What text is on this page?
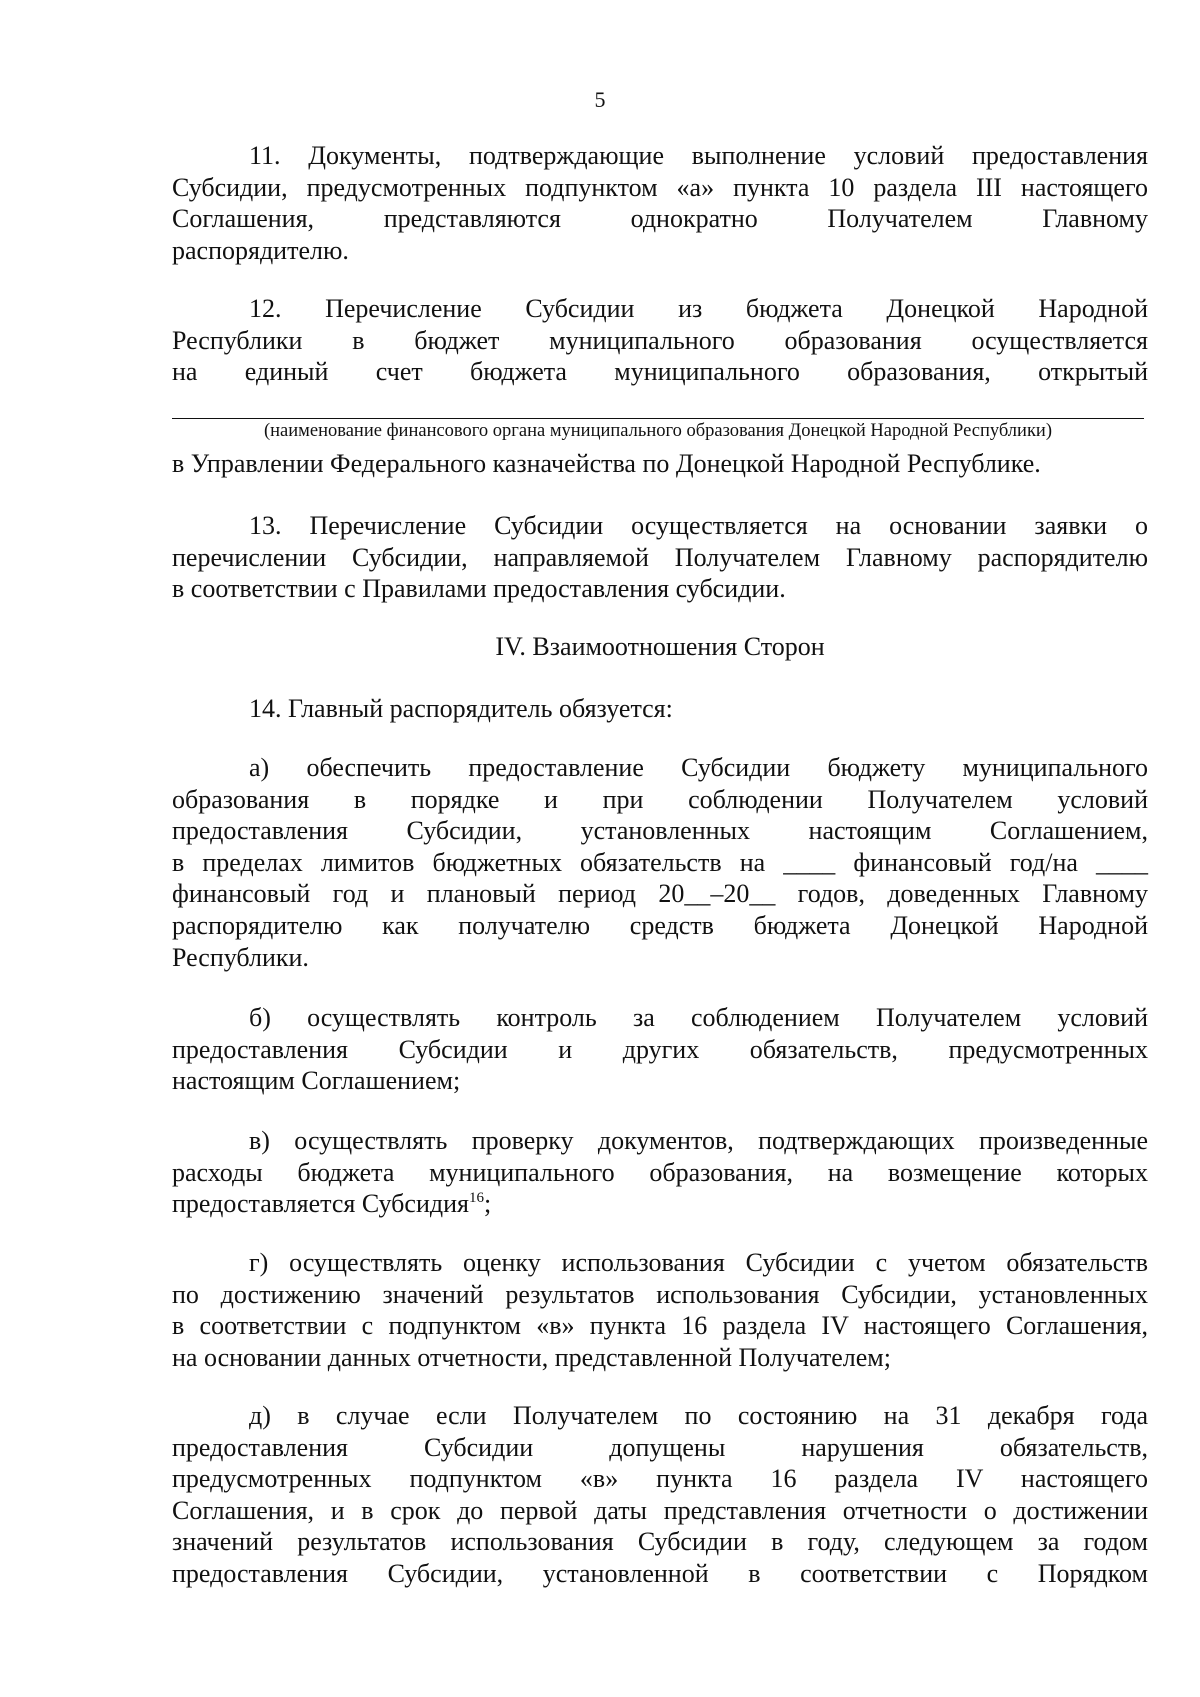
5
11. Документы, подтверждающие выполнение условий предоставления
Субсидии, предусмотренных подпунктом «а» пункта 10 раздела III настоящего
Соглашения, представляются однократно Получателем Главному
распорядителю.
12. Перечисление Субсидии из бюджета Донецкой Народной
Республики в бюджет муниципального образования осуществляется
на единый счет бюджета муниципального образования, открытый
(наименование финансового органа муниципального образования Донецкой Народной Республики)
в Управлении Федерального казначейства по Донецкой Народной Республике.
13. Перечисление Субсидии осуществляется на основании заявки о
перечислении Субсидии, направляемой Получателем Главному распорядителю
в соответствии с Правилами предоставления субсидии.
IV. Взаимоотношения Сторон
14. Главный распорядитель обязуется:
а) обеспечить предоставление Субсидии бюджету муниципального
образования в порядке и при соблюдении Получателем условий
предоставления Субсидии, установленных настоящим Соглашением,
в пределах лимитов бюджетных обязательств на ____ финансовый год/на ____
финансовый год и плановый период 20__–20__ годов, доведенных Главному
распорядителю как получателю средств бюджета Донецкой Народной
Республики.
б) осуществлять контроль за соблюдением Получателем условий
предоставления Субсидии и других обязательств, предусмотренных
настоящим Соглашением;
в) осуществлять проверку документов, подтверждающих произведенные
расходы бюджета муниципального образования, на возмещение которых
предоставляется Субсидия$^{16}$;
г) осуществлять оценку использования Субсидии с учетом обязательств
по достижению значений результатов использования Субсидии, установленных
в соответствии с подпунктом «в» пункта 16 раздела IV настоящего Соглашения,
на основании данных отчетности, представленной Получателем;
д) в случае если Получателем по состоянию на 31 декабря года
предоставления Субсидии допущены нарушения обязательств,
предусмотренных подпунктом «в» пункта 16 раздела IV настоящего
Соглашения, и в срок до первой даты представления отчетности о достижении
значений результатов использования Субсидии в году, следующем за годом
предоставления Субсидии, установленной в соответствии с Порядком
